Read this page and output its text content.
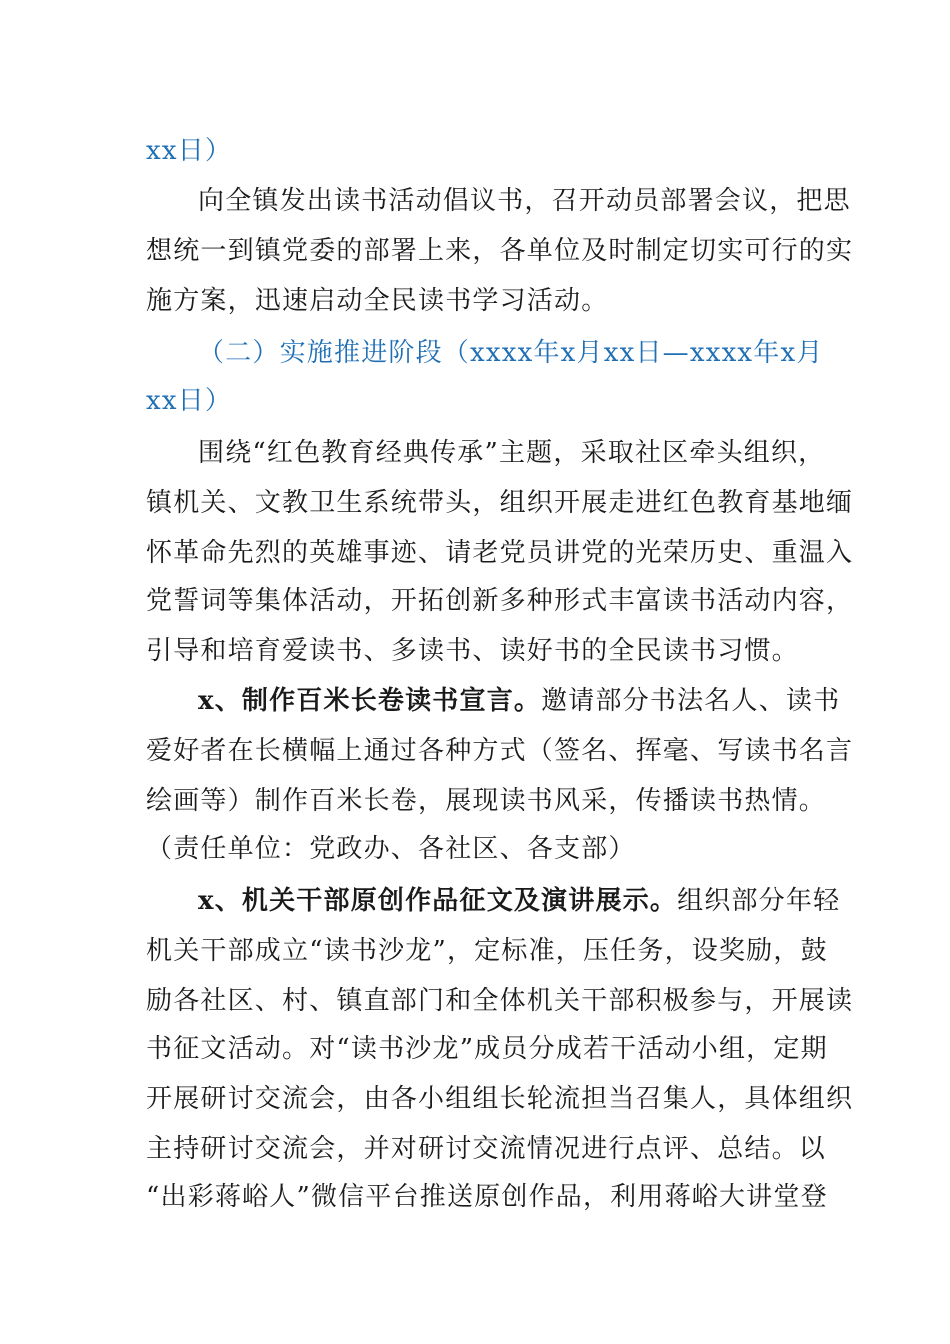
xx日）
向全镇发出读书活动倡议书，召开动员部署会议，把思
想统一到镇党委的部署上来，各单位及时制定切实可行的实
施方案，迅速启动全民读书学习活动。
（二）实施推进阶段（xxxx年x月xx日—xxxx年x月
xx日）
围绕“红色教育经典传承”主题，采取社区牵头组织，
镇机关、文教卫生系统带头，组织开展走进红色教育基地缅
怀革命先烈的英雄事迹、请老党员讲党的光荣历史、重温入
党誓词等集体活动，开拓创新多种形式丰富读书活动内容，
引导和培育爱读书、多读书、读好书的全民读书习惯。
x、制作百米长卷读书宣言。邀请部分书法名人、读书
爱好者在长横幅上通过各种方式（签名、挥毫、写读书名言
绘画等）制作百米长卷，展现读书风采，传播读书热情。
（责任单位：党政办、各社区、各支部）
x、机关干部原创作品征文及演讲展示。组织部分年轻
机关干部成立“读书沙龙”，定标准，压任务，设奖励，鼓
励各社区、村、镇直部门和全体机关干部积极参与，开展读
书征文活动。对“读书沙龙”成员分成若干活动小组，定期
开展研讨交流会，由各小组组长轮流担当召集人，具体组织
主持研讨交流会，并对研讨交流情况进行点评、总结。以
“出彩蒋峪人”微信平台推送原创作品，利用蒋峪大讲堂登
